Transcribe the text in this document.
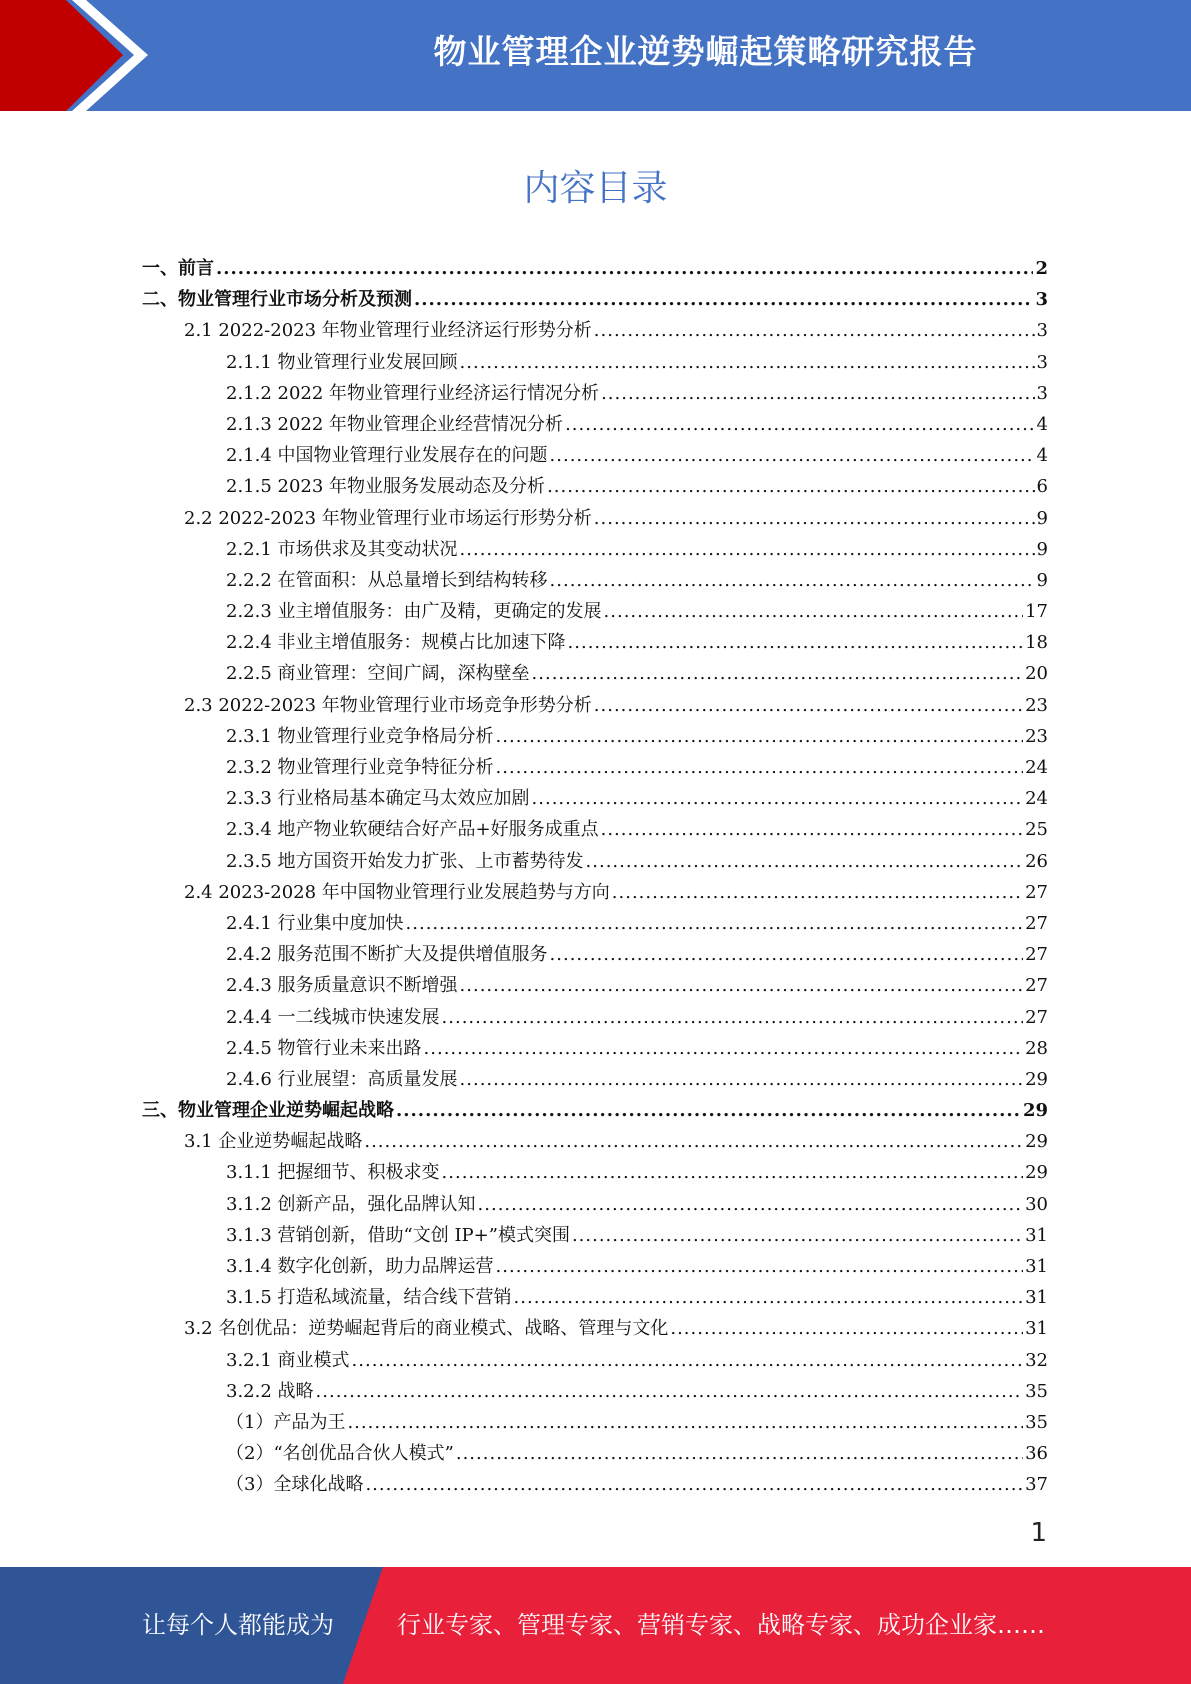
物业管理企业逆势崛起策略研究报告
内容目录
一、前言 .....	2
二、物业管理行业市场分析及预测 .....	3
2.1 2022-2023 年物业管理行业经济运行形势分析 .....	3
2.1.1 物业管理行业发展回顾 .....	3
2.1.2 2022 年物业管理行业经济运行情况分析 .....	3
2.1.3 2022 年物业管理企业经营情况分析 .....	4
2.1.4 中国物业管理行业发展存在的问题 .....	4
2.1.5 2023 年物业服务发展动态及分析 .....	6
2.2 2022-2023 年物业管理行业市场运行形势分析 .....	9
2.2.1 市场供求及其变动状况 .....	9
2.2.2 在管面积：从总量增长到结构转移 .....	9
2.2.3 业主增值服务：由广及精，更确定的发展 .....	17
2.2.4 非业主增值服务：规模占比加速下降 .....	18
2.2.5 商业管理：空间广阔，深构壁垒 .....	20
2.3 2022-2023 年物业管理行业市场竞争形势分析 .....	23
2.3.1 物业管理行业竞争格局分析 .....	23
2.3.2 物业管理行业竞争特征分析 .....	24
2.3.3 行业格局基本确定马太效应加剧 .....	24
2.3.4 地产物业软硬结合好产品+好服务成重点 .....	25
2.3.5 地方国资开始发力扩张、上市蓄势待发 .....	26
2.4 2023-2028 年中国物业管理行业发展趋势与方向 .....	27
2.4.1 行业集中度加快 .....	27
2.4.2 服务范围不断扩大及提供增值服务 .....	27
2.4.3 服务质量意识不断增强 .....	27
2.4.4 一二线城市快速发展 .....	27
2.4.5 物管行业未来出路 .....	28
2.4.6 行业展望：高质量发展 .....	29
三、物业管理企业逆势崛起战略 .....	29
3.1 企业逆势崛起战略 .....	29
3.1.1 把握细节、积极求变 .....	29
3.1.2 创新产品，强化品牌认知 .....	30
3.1.3 营销创新，借助“文创 IP+”模式突围 .....	31
3.1.4 数字化创新，助力品牌运营 .....	31
3.1.5 打造私域流量，结合线下营销 .....	31
3.2 名创优品：逆势崛起背后的商业模式、战略、管理与文化 .....	31
3.2.1 商业模式 .....	32
3.2.2 战略 .....	35
（1）产品为王 .....	35
（2）“名创优品合伙人模式” .....	36
（3）全球化战略 .....	37
1
让每个人都能成为	行业专家、管理专家、营销专家、战略专家、成功企业家……
